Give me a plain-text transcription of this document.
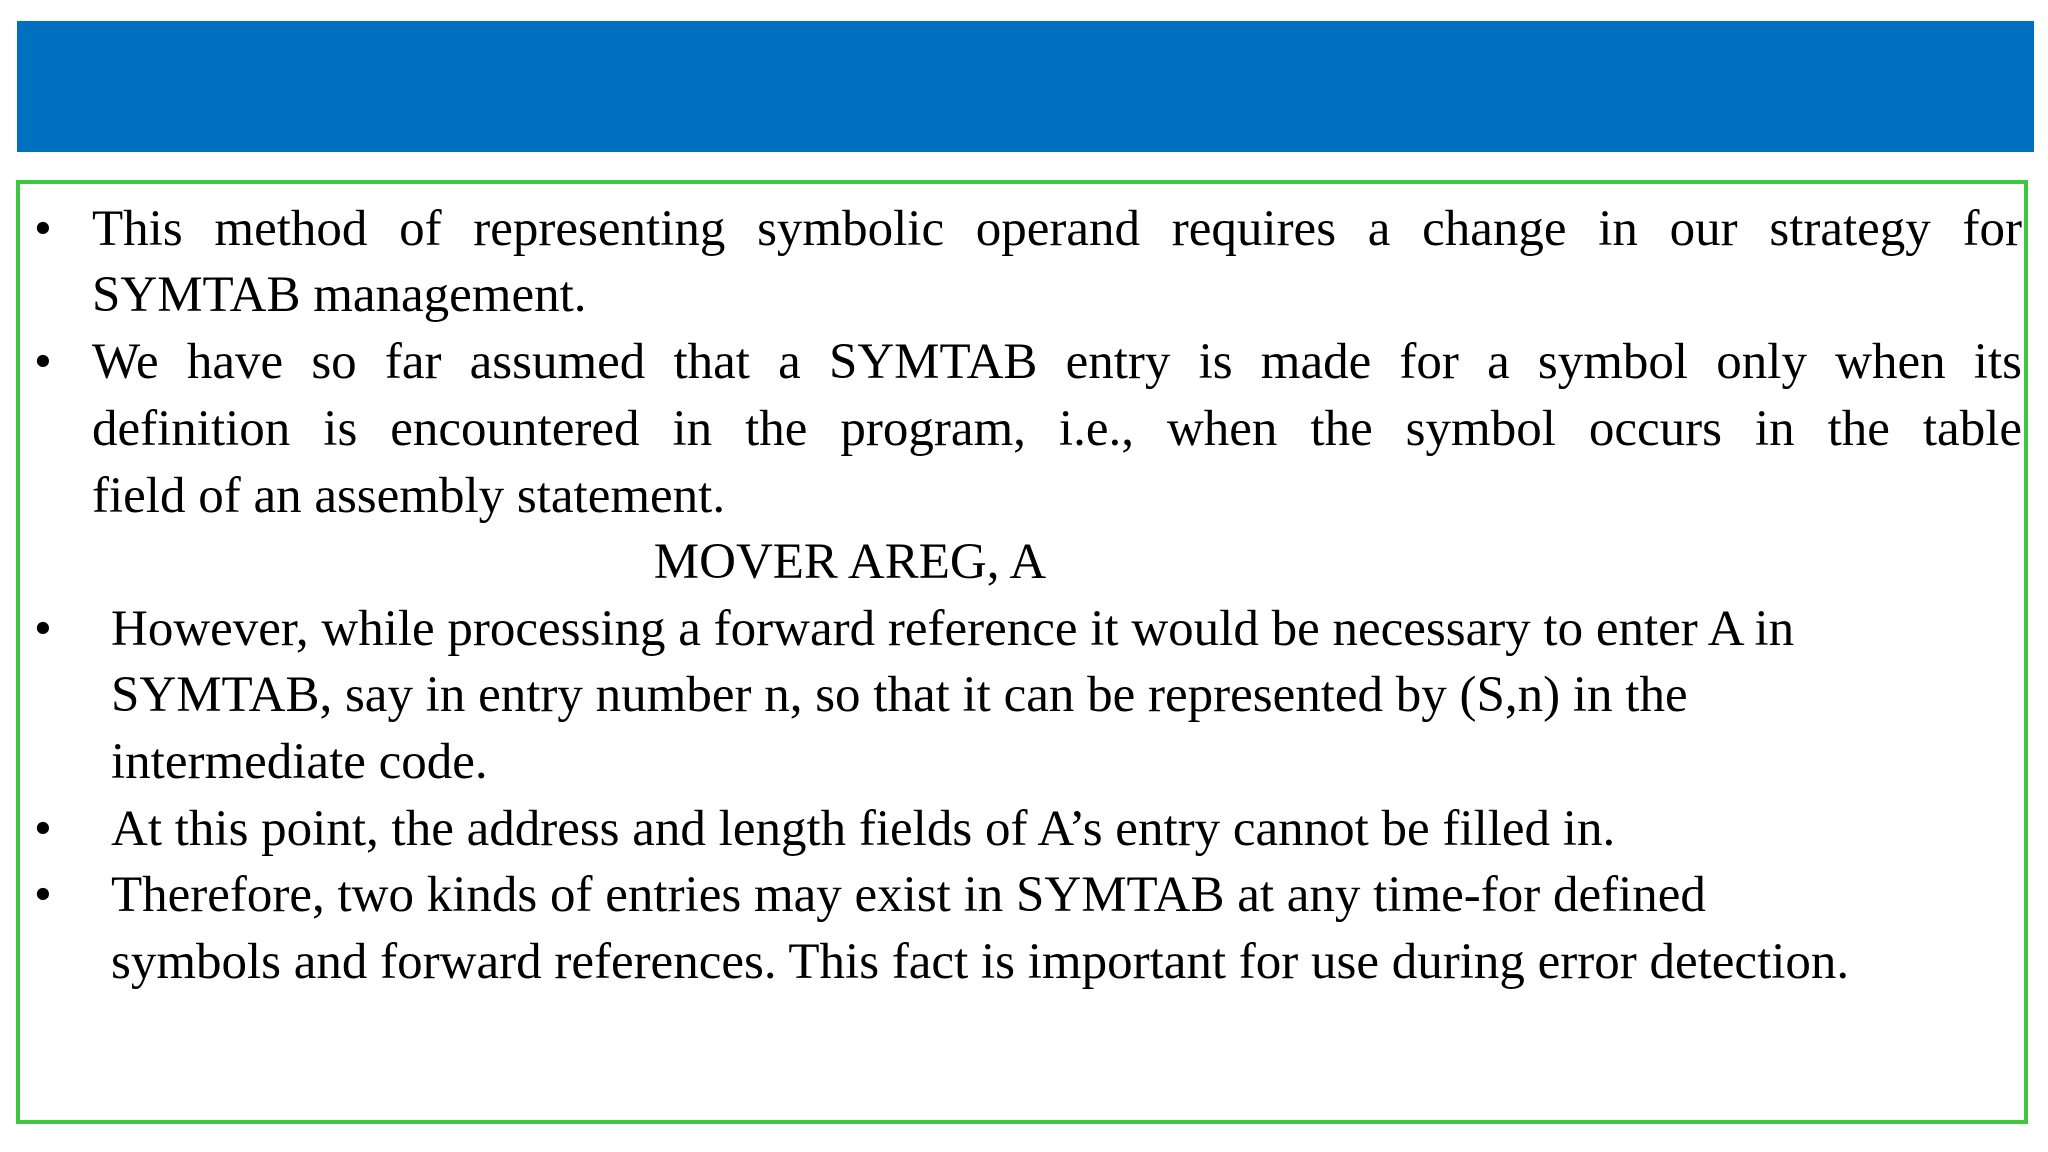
• This method of representing symbolic operand requires a change in our strategy for
SYMTAB management.
• We have so far assumed that a SYMTAB entry is made for a symbol only when its
definition is encountered in the program, i.e., when the symbol occurs in the table
field of an assembly statement.
MOVER AREG, A
• However, while processing a forward reference it would be necessary to enter A in
SYMTAB, say in entry number n, so that it can be represented by (S,n) in the
intermediate code.
• At this point, the address and length fields of A’s entry cannot be filled in.
• Therefore, two kinds of entries may exist in SYMTAB at any time-for defined
symbols and forward references. This fact is important for use during error detection.
